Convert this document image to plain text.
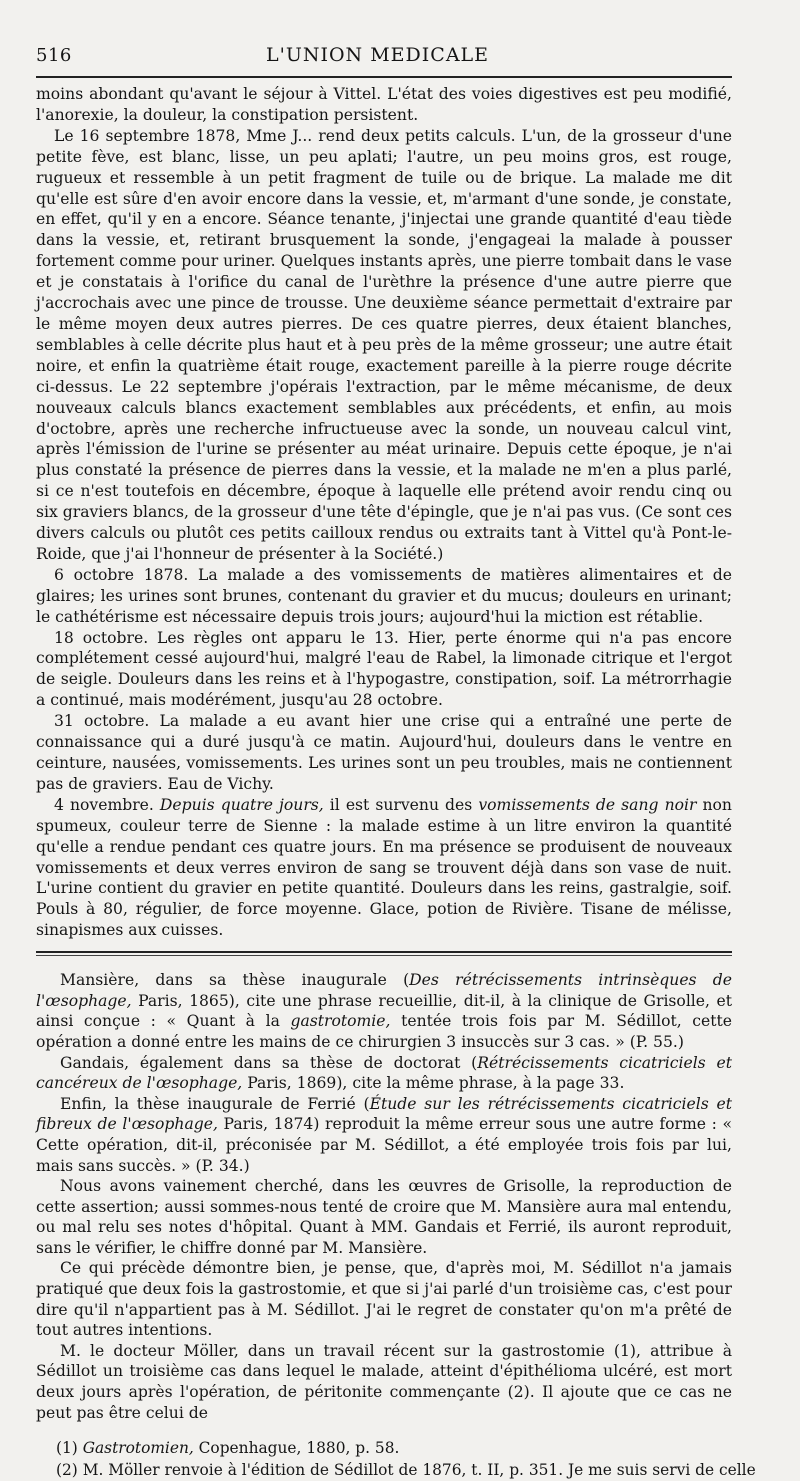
516	L'UNION MEDICALE

moins abondant qu'avant le séjour à Vittel. L'état des voies digestives est peu modifié, l'anorexie, la douleur, la constipation persistent.

Le 16 septembre 1878, Mme J... rend deux petits calculs. L'un, de la grosseur d'une petite fève, est blanc, lisse, un peu aplati; l'autre, un peu moins gros, est rouge, rugueux et ressemble à un petit fragment de tuile ou de brique. La malade me dit qu'elle est sûre d'en avoir encore dans la vessie, et, m'armant d'une sonde, je constate, en effet, qu'il y en a encore. Séance tenante, j'injectai une grande quantité d'eau tiède dans la vessie, et, retirant brusquement la sonde, j'engageai la malade à pousser fortement comme pour uriner. Quelques instants après, une pierre tombait dans le vase et je constatais à l'orifice du canal de l'urèthre la présence d'une autre pierre que j'accrochais avec une pince de trousse. Une deuxième séance permettait d'extraire par le même moyen deux autres pierres. De ces quatre pierres, deux étaient blanches, semblables à celle décrite plus haut et à peu près de la même grosseur; une autre était noire, et enfin la quatrième était rouge, exactement pareille à la pierre rouge décrite ci-dessus. Le 22 septembre j'opérais l'extraction, par le même mécanisme, de deux nouveaux calculs blancs exactement semblables aux précédents, et enfin, au mois d'octobre, après une recherche infructueuse avec la sonde, un nouveau calcul vint, après l'émission de l'urine se présenter au méat urinaire. Depuis cette époque, je n'ai plus constaté la présence de pierres dans la vessie, et la malade ne m'en a plus parlé, si ce n'est toutefois en décembre, époque à laquelle elle prétend avoir rendu cinq ou six graviers blancs, de la grosseur d'une tête d'épingle, que je n'ai pas vus. (Ce sont ces divers calculs ou plutôt ces petits cailloux rendus ou extraits tant à Vittel qu'à Pont-le-Roide, que j'ai l'honneur de présenter à la Société.)

6 octobre 1878. La malade a des vomissements de matières alimentaires et de glaires; les urines sont brunes, contenant du gravier et du mucus; douleurs en urinant; le cathétérisme est nécessaire depuis trois jours; aujourd'hui la miction est rétablie.

18 octobre. Les règles ont apparu le 13. Hier, perte énorme qui n'a pas encore complétement cessé aujourd'hui, malgré l'eau de Rabel, la limonade citrique et l'ergot de seigle. Douleurs dans les reins et à l'hypogastre, constipation, soif. La métrorrhagie a continué, mais modérément, jusqu'au 28 octobre.

31 octobre. La malade a eu avant hier une crise qui a entraîné une perte de connaissance qui a duré jusqu'à ce matin. Aujourd'hui, douleurs dans le ventre en ceinture, nausées, vomissements. Les urines sont un peu troubles, mais ne contiennent pas de graviers. Eau de Vichy.

4 novembre. Depuis quatre jours, il est survenu des vomissements de sang noir non spumeux, couleur terre de Sienne : la malade estime à un litre environ la quantité qu'elle a rendue pendant ces quatre jours. En ma présence se produisent de nouveaux vomissements et deux verres environ de sang se trouvent déjà dans son vase de nuit. L'urine contient du gravier en petite quantité. Douleurs dans les reins, gastralgie, soif. Pouls à 80, régulier, de force moyenne. Glace, potion de Rivière. Tisane de mélisse, sinapismes aux cuisses.

Mansière, dans sa thèse inaugurale (Des rétrécissements intrinsèques de l'œsophage, Paris, 1865), cite une phrase recueillie, dit-il, à la clinique de Grisolle, et ainsi conçue : « Quant à la gastrotomie, tentée trois fois par M. Sédillot, cette opération a donné entre les mains de ce chirurgien 3 insuccès sur 3 cas. » (P. 55.)

Gandais, également dans sa thèse de doctorat (Rétrécissements cicatriciels et cancéreux de l'œsophage, Paris, 1869), cite la même phrase, à la page 33.

Enfin, la thèse inaugurale de Ferrié (Étude sur les rétrécissements cicatriciels et fibreux de l'œsophage, Paris, 1874) reproduit la même erreur sous une autre forme : « Cette opération, dit-il, préconisée par M. Sédillot, a été employée trois fois par lui, mais sans succès. » (P. 34.)

Nous avons vainement cherché, dans les œuvres de Grisolle, la reproduction de cette assertion; aussi sommes-nous tenté de croire que M. Mansière aura mal entendu, ou mal relu ses notes d'hôpital. Quant à MM. Gandais et Ferrié, ils auront reproduit, sans le vérifier, le chiffre donné par M. Mansière.

Ce qui précède démontre bien, je pense, que, d'après moi, M. Sédillot n'a jamais pratiqué que deux fois la gastrostomie, et que si j'ai parlé d'un troisième cas, c'est pour dire qu'il n'appartient pas à M. Sédillot. J'ai le regret de constater qu'on m'a prêté de tout autres intentions.

M. le docteur Möller, dans un travail récent sur la gastrostomie (1), attribue à Sédillot un troisième cas dans lequel le malade, atteint d'épithélioma ulcéré, est mort deux jours après l'opération, de péritonite commençante (2). Il ajoute que ce cas ne peut pas être celui de

(1) Gastrotomien, Copenhague, 1880, p. 58.

(2) M. Möller renvoie à l'édition de Sédillot de 1876, t. II, p. 351. Je me suis servi de celle
